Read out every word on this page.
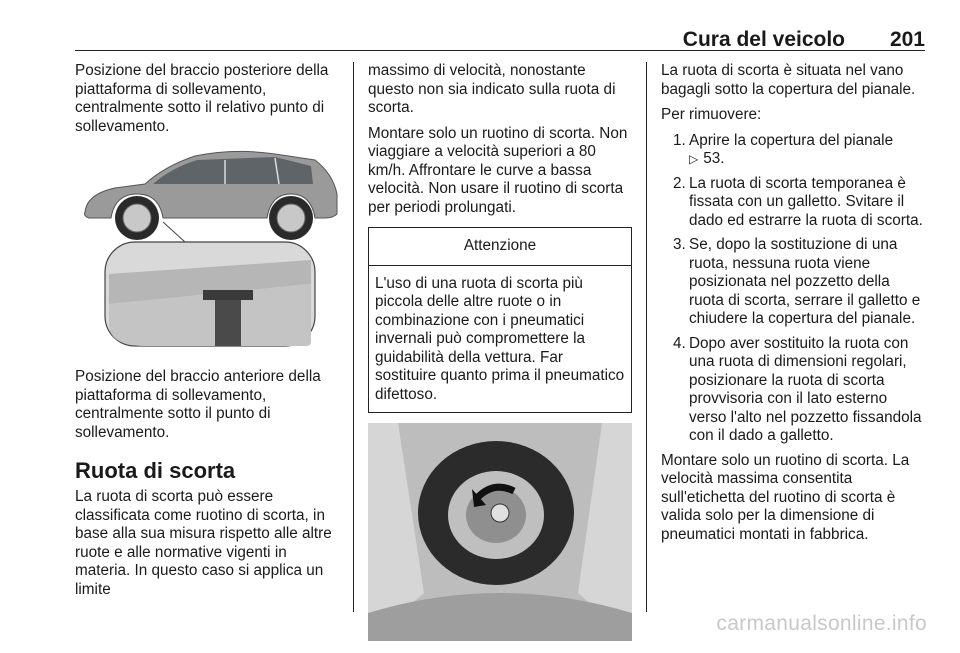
Cura del veicolo 201

Posizione del braccio posteriore della piattaforma di sollevamento, centralmente sotto il relativo punto di sollevamento.

Posizione del braccio anteriore della piattaforma di sollevamento, centralmente sotto il punto di sollevamento.

Ruota di scorta

La ruota di scorta può essere classificata come ruotino di scorta, in base alla sua misura rispetto alle altre ruote e alle normative vigenti in materia. In questo caso si applica un limite

massimo di velocità, nonostante questo non sia indicato sulla ruota di scorta.

Montare solo un ruotino di scorta. Non viaggiare a velocità superiori a 80 km/h. Affrontare le curve a bassa velocità. Non usare il ruotino di scorta per periodi prolungati.

Attenzione
L'uso di una ruota di scorta più piccola delle altre ruote o in combinazione con i pneumatici invernali può compromettere la guidabilità della vettura. Far sostituire quanto prima il pneumatico difettoso.

La ruota di scorta è situata nel vano bagagli sotto la copertura del pianale.

Per rimuovere:

1. Aprire la copertura del pianale
▷ 53.
2. La ruota di scorta temporanea è fissata con un galletto. Svitare il dado ed estrarre la ruota di scorta.
3. Se, dopo la sostituzione di una ruota, nessuna ruota viene posizionata nel pozzetto della ruota di scorta, serrare il galletto e chiudere la copertura del pianale.
4. Dopo aver sostituito la ruota con una ruota di dimensioni regolari, posizionare la ruota di scorta provvisoria con il lato esterno verso l'alto nel pozzetto fissandola con il dado a galletto.

Montare solo un ruotino di scorta. La velocità massima consentita sull'etichetta del ruotino di scorta è valida solo per la dimensione di pneumatici montati in fabbrica.

carmanualsonline.info
